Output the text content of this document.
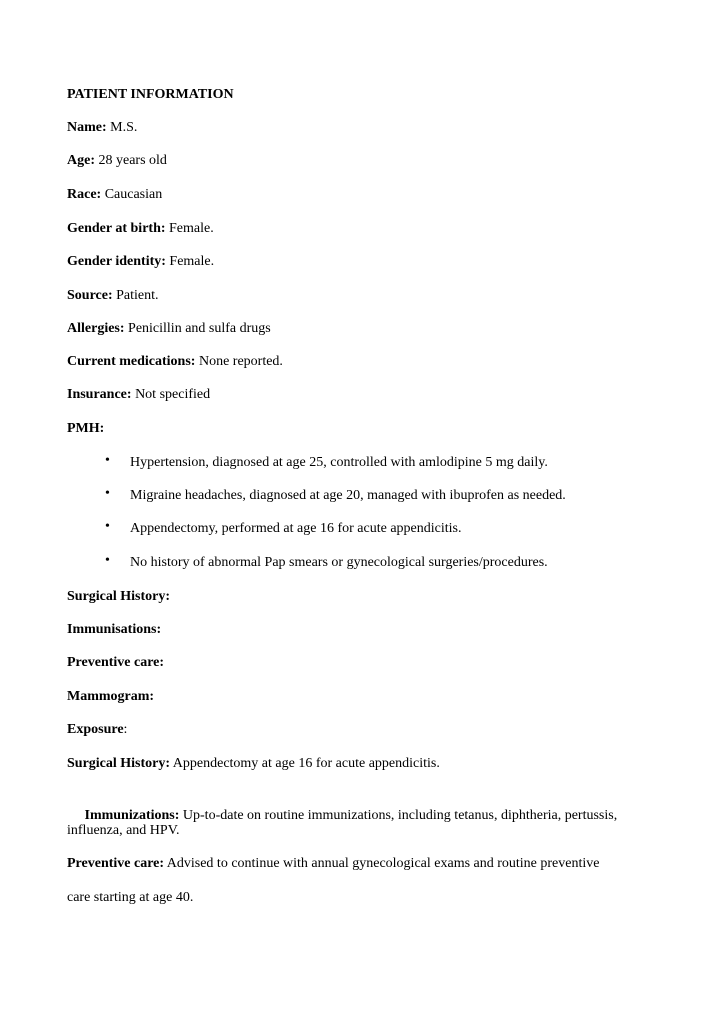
PATIENT INFORMATION
Name: M.S.
Age: 28 years old
Race: Caucasian
Gender at birth: Female.
Gender identity: Female.
Source: Patient.
Allergies: Penicillin and sulfa drugs
Current medications: None reported.
Insurance: Not specified
PMH:
• Hypertension, diagnosed at age 25, controlled with amlodipine 5 mg daily.
• Migraine headaches, diagnosed at age 20, managed with ibuprofen as needed.
• Appendectomy, performed at age 16 for acute appendicitis.
• No history of abnormal Pap smears or gynecological surgeries/procedures.
Surgical History:
Immunisations:
Preventive care:
Mammogram:
Exposure:
Surgical History: Appendectomy at age 16 for acute appendicitis.

Immunizations: Up-to-date on routine immunizations, including tetanus, diphtheria, pertussis,

influenza, and HPV.
Preventive care: Advised to continue with annual gynecological exams and routine preventive
care starting at age 40.
